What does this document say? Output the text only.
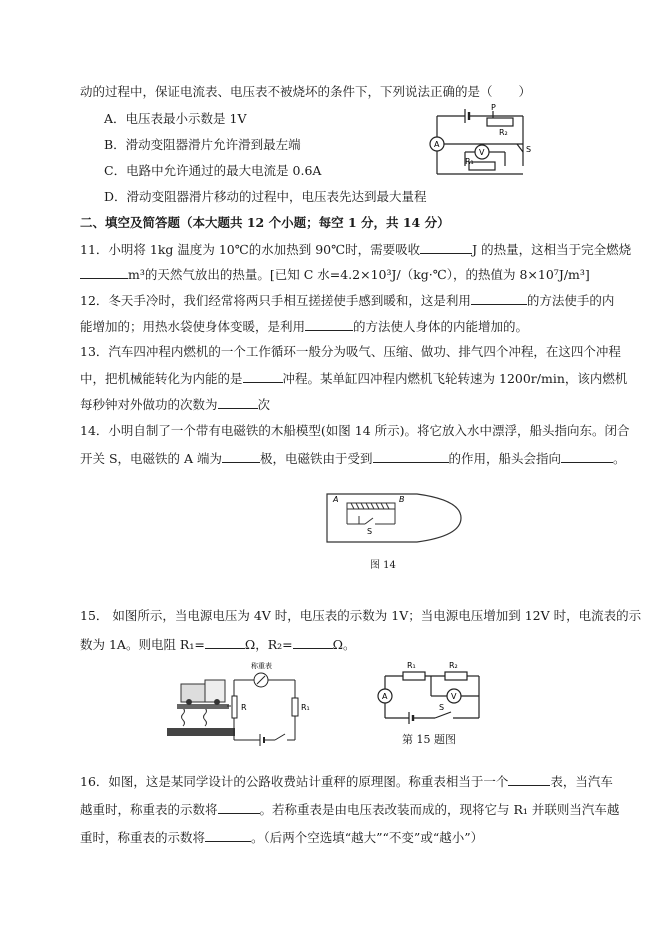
动的过程中，保证电流表、电压表不被烧坏的条件下，下列说法正确的是（ ）
A．电压表最小示数是 1V
B．滑动变阻器滑片允许滑到最左端
C．电路中允许通过的最大电流是 0.6A
D．滑动变阻器滑片移动的过程中，电压表先达到最大量程
P
R₂
A
V
R₁
S
二、填空及简答题（本大题共 12 个小题；每空 1 分，共 14 分）
11．小明将 1kg 温度为 10℃的水加热到 90℃时，需要吸收	J 的热量，这相当于完全燃烧
m³的天然气放出的热量。[已知 C 水=4.2×10³J/（kg·℃），的热值为 8×10⁷J/m³]
12．冬天手冷时，我们经常将两只手相互搓搓使手感到暖和，这是利用	的方法使手的内
能增加的；用热水袋使身体变暖，是利用	的方法使人身体的内能增加的。
13．汽车四冲程内燃机的一个工作循环一般分为吸气、压缩、做功、排气四个冲程，在这四个冲程
中，把机械能转化为内能的是	冲程。某单缸四冲程内燃机飞轮转速为 1200r/min，该内燃机
每秒钟对外做功的次数为	次
14．小明自制了一个带有电磁铁的木船模型(如图 14 所示)。将它放入水中漂浮，船头指向东。闭合
开关 S，电磁铁的 A 端为	极，电磁铁由于受到	的作用，船头会指向	。
A	B
S
图 14
15． 如图所示，当电源电压为 4V 时，电压表的示数为 1V；当电源电压增加到 12V 时，电流表的示
数为 1A。则电阻 R₁=	Ω，R₂=	Ω。
称重表
R	R₁
R₁	R₂
A	V
S
第 15 题图
16．如图，这是某同学设计的公路收费站计重秤的原理图。称重表相当于一个	表，当汽车
越重时，称重表的示数将	。若称重表是由电压表改装而成的，现将它与 R₁ 并联则当汽车越
重时，称重表的示数将	。（后两个空选填“越大”“不变”或“越小”）
